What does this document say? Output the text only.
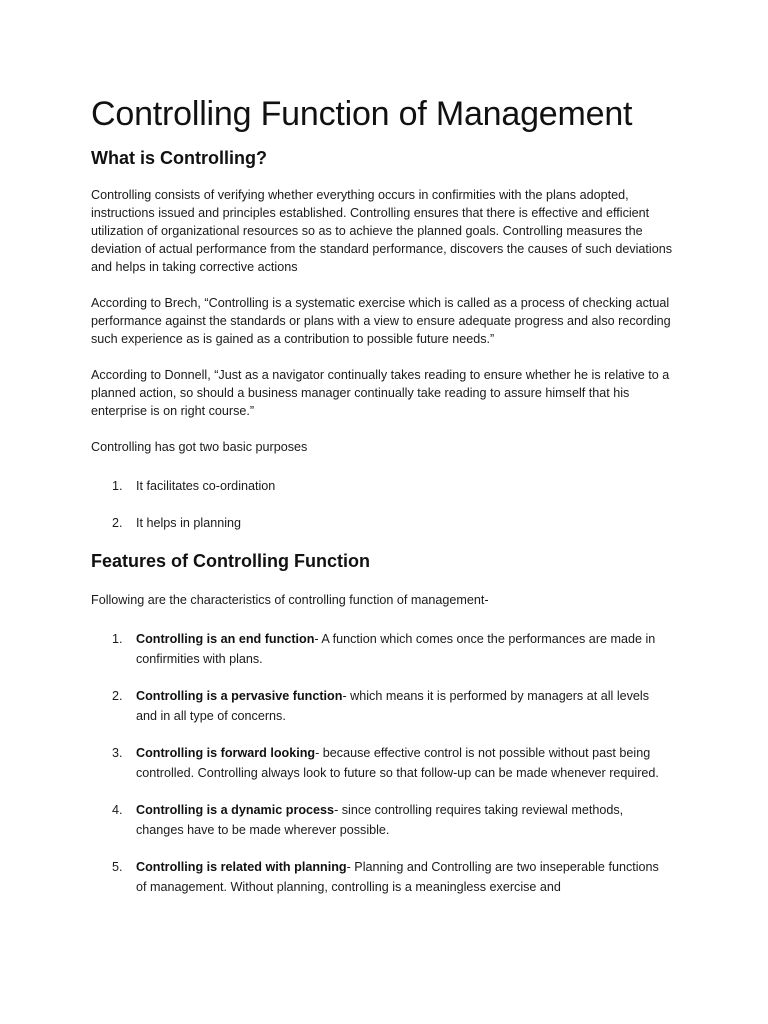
Controlling Function of Management
What is Controlling?

Controlling consists of verifying whether everything occurs in confirmities with the plans adopted, instructions issued and principles established. Controlling ensures that there is effective and efficient utilization of organizational resources so as to achieve the planned goals. Controlling measures the deviation of actual performance from the standard performance, discovers the causes of such deviations and helps in taking corrective actions

According to Brech, “Controlling is a systematic exercise which is called as a process of checking actual performance against the standards or plans with a view to ensure adequate progress and also recording such experience as is gained as a contribution to possible future needs.”

According to Donnell, “Just as a navigator continually takes reading to ensure whether he is relative to a planned action, so should a business manager continually take reading to assure himself that his enterprise is on right course.”

Controlling has got two basic purposes

1. It facilitates co-ordination
2. It helps in planning
Features of Controlling Function

Following are the characteristics of controlling function of management-

1. Controlling is an end function- A function which comes once the performances are made in confirmities with plans.
2. Controlling is a pervasive function- which means it is performed by managers at all levels and in all type of concerns.
3. Controlling is forward looking- because effective control is not possible without past being controlled. Controlling always look to future so that follow-up can be made whenever required.
4. Controlling is a dynamic process- since controlling requires taking reviewal methods, changes have to be made wherever possible.
5. Controlling is related with planning- Planning and Controlling are two inseperable functions of management. Without planning, controlling is a meaningless exercise and
